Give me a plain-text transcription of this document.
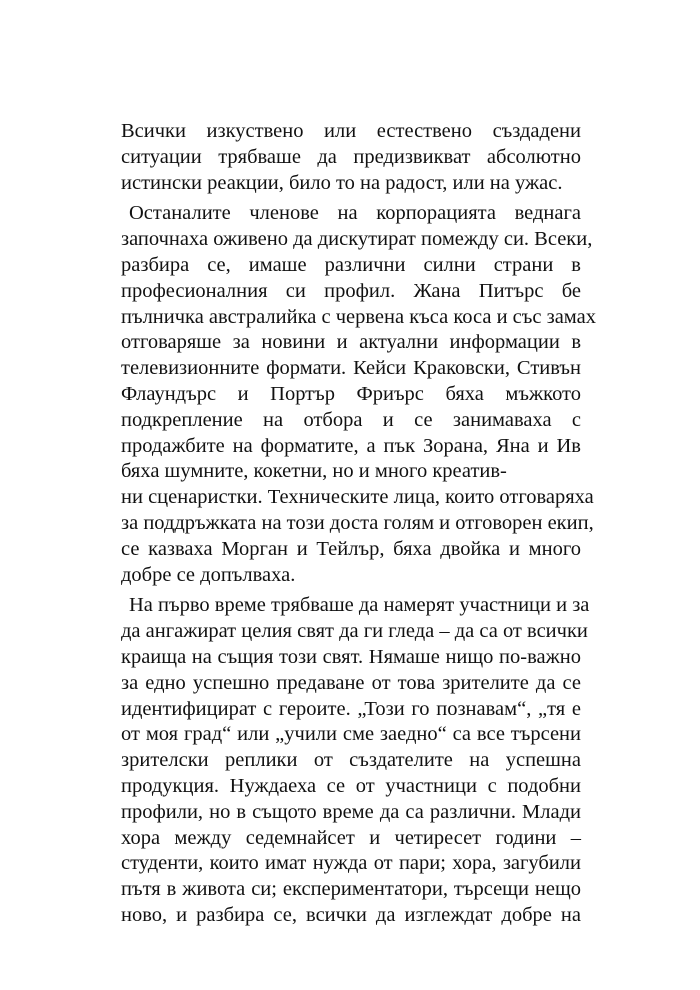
Всички изкуствено или естествено създадени
ситуации трябваше да предизвикват абсолютно
истински реакции, било то на радост, или на ужас.
Останалите членове на корпорацията веднага
започнаха оживено да дискутират помежду си. Всеки,
разбира се, имаше различни силни страни в
професионалния си профил. Жана Питърс бе
пълничка австралийка с червена къса коса и със замах
отговаряше за новини и актуални информации в
телевизионните формати. Кейси Краковски, Стивън
Флаундърс и Портър Фриърс бяха мъжкото
подкрепление на отбора и се занимаваха с
продажбите на форматите, а пък Зорана, Яна и Ив
бяха шумните, кокетни, но и много креатив-
ни сценаристки. Техническите лица, които отговаряха
за поддръжката на този доста голям и отговорен екип,
се казваха Морган и Тейлър, бяха двойка и много
добре се допълваха.
На първо време трябваше да намерят участници и за
да ангажират целия свят да ги гледа – да са от всички
краища на същия този свят. Нямаше нищо по-важно
за едно успешно предаване от това зрителите да се
идентифицират с героите. „Този го познавам“, „тя е
от моя град“ или „учили сме заедно“ са все търсени
зрителски реплики от създателите на успешна
продукция. Нуждаеха се от участници с подобни
профили, но в същото време да са различни. Млади
хора между седемнайсет и четиресет години –
студенти, които имат нужда от пари; хора, загубили
пътя в живота си; експериментатори, търсещи нещо
ново, и разбира се, всички да изглеждат добре на
